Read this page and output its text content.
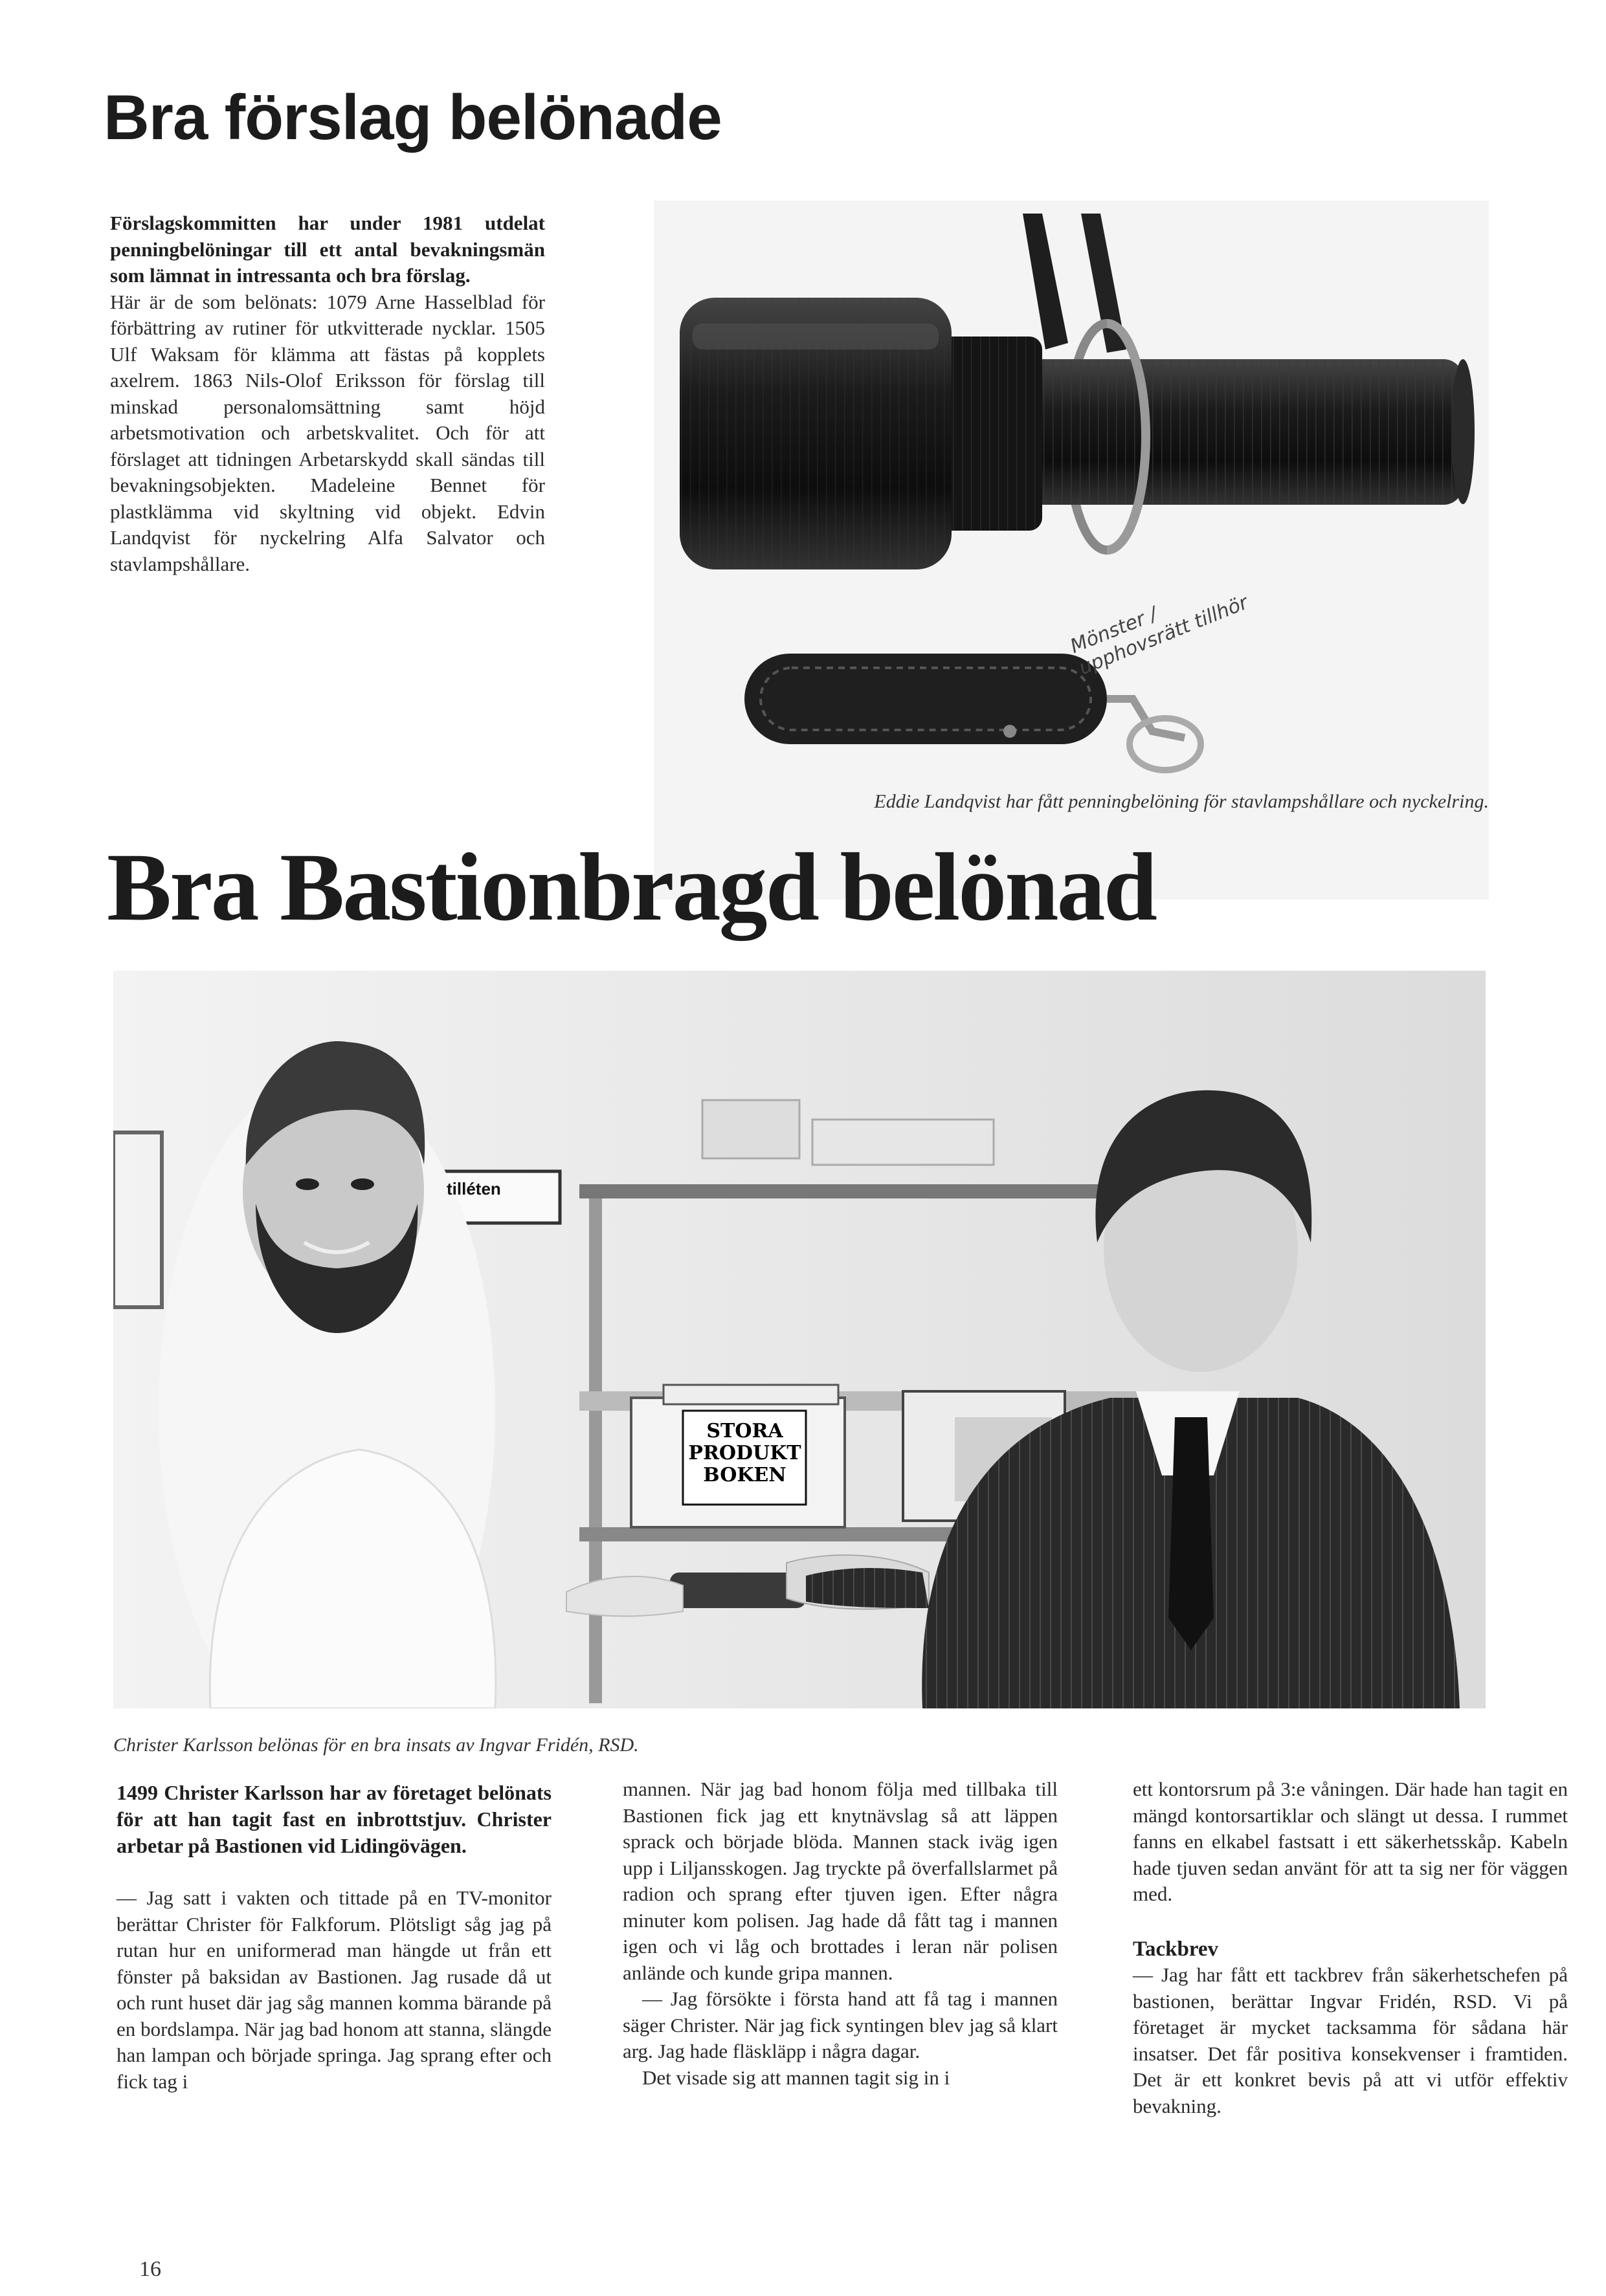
Bra förslag belönade

Förslagskommitten har under 1981 utdelat penningbelöningar till ett antal bevakningsmän som lämnat in intressanta och bra förslag.

Här är de som belönats: 1079 Arne Hasselblad för förbättring av rutiner för utkvitterade nycklar. 1505 Ulf Waksam för klämma att fästas på kopplets axelrem. 1863 Nils-Olof Eriksson för förslag till minskad personalomsättning samt höjd arbetsmotivation och arbetskvalitet. Och för att förslaget att tidningen Arbetarskydd skall sändas till bevakningsobjekten. Madeleine Bennet för plastklämma vid skyltning vid objekt. Edvin Landqvist för nyckelring Alfa Salvator och stavlampshållare.

Mönster / upphovsrätt tillhör
Eddie Landqvist har fått penningbelöning för stavlampshållare och nyckelring.
Bra Bastionbragd belönad
tilléten
STORA PRODUKT BOKEN
Christer Karlsson belönas för en bra insats av Ingvar Fridén, RSD.

1499 Christer Karlsson har av företaget belönats för att han tagit fast en inbrottstjuv. Christer arbetar på Bastionen vid Lidingövägen.

— Jag satt i vakten och tittade på en TV-monitor berättar Christer för Falkforum. Plötsligt såg jag på rutan hur en uniformerad man hängde ut från ett fönster på baksidan av Bastionen. Jag rusade då ut och runt huset där jag såg mannen komma bärande på en bordslampa. När jag bad honom att stanna, slängde han lampan och började springa. Jag sprang efter och fick tag i

mannen. När jag bad honom följa med tillbaka till Bastionen fick jag ett knytnävslag så att läppen sprack och började blöda. Mannen stack iväg igen upp i Liljansskogen. Jag tryckte på överfallslarmet på radion och sprang efter tjuven igen. Efter några minuter kom polisen. Jag hade då fått tag i mannen igen och vi låg och brottades i leran när polisen anlände och kunde gripa mannen.

— Jag försökte i första hand att få tag i mannen säger Christer. När jag fick syntingen blev jag så klart arg. Jag hade fläskläpp i några dagar.

Det visade sig att mannen tagit sig in i

ett kontorsrum på 3:e våningen. Där hade han tagit en mängd kontorsartiklar och slängt ut dessa. I rummet fanns en elkabel fastsatt i ett säkerhetsskåp. Kabeln hade tjuven sedan använt för att ta sig ner för väggen med.

Tackbrev

— Jag har fått ett tackbrev från säkerhetschefen på bastionen, berättar Ingvar Fridén, RSD. Vi på företaget är mycket tacksamma för sådana här insatser. Det får positiva konsekvenser i framtiden. Det är ett konkret bevis på att vi utför effektiv bevakning.

16
